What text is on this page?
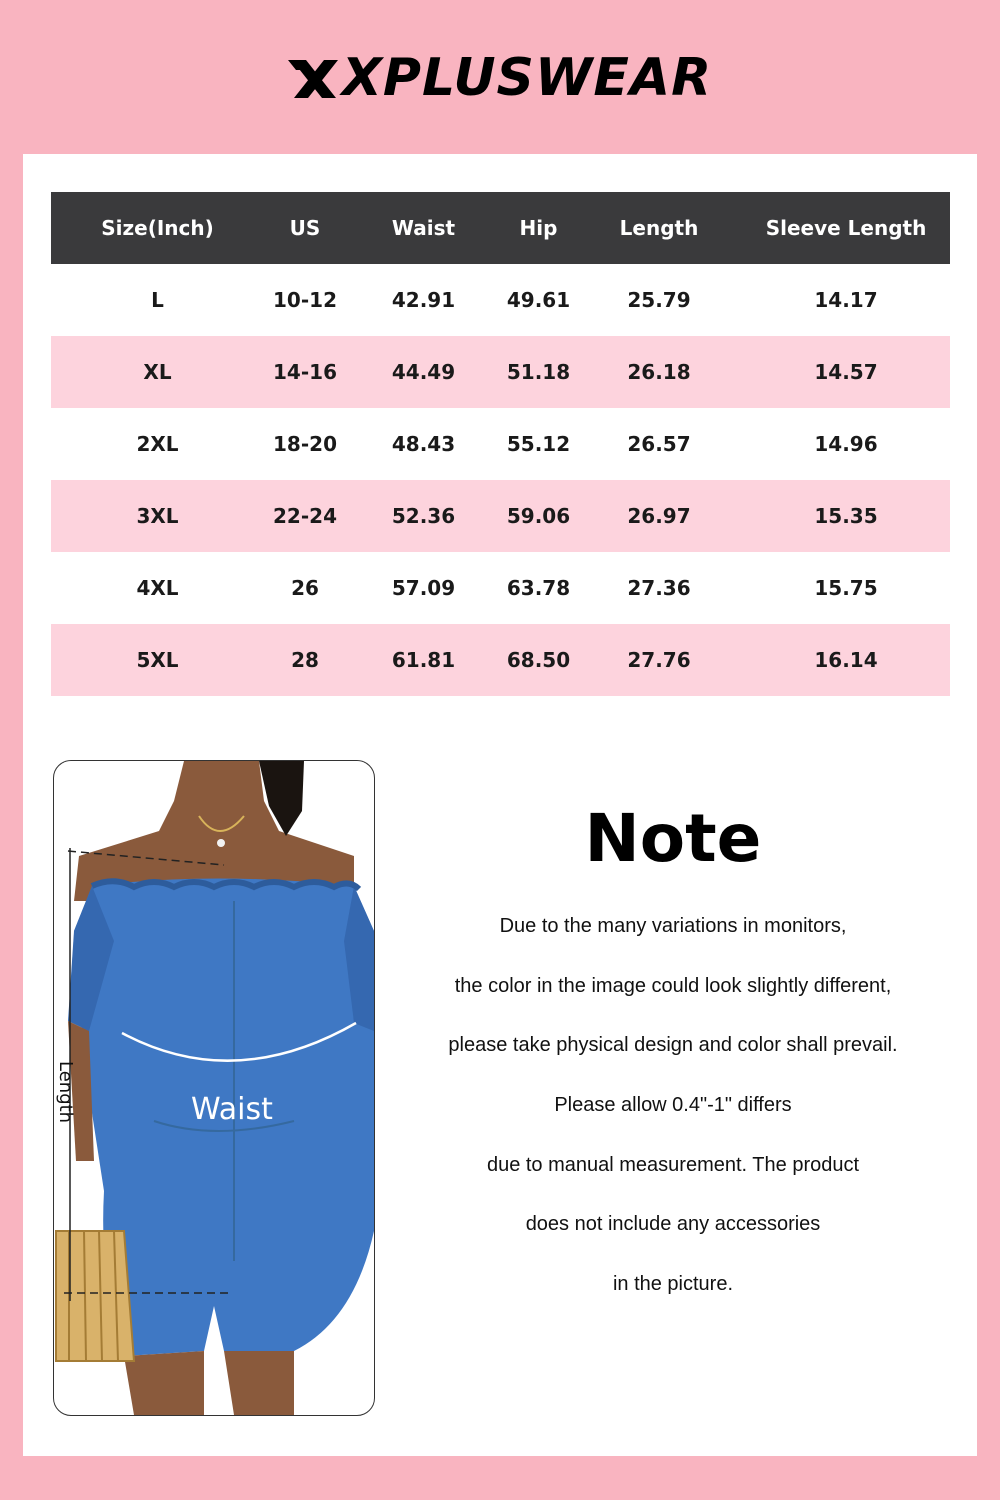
XPLUSWEAR
Size(Inch)	US	Waist	Hip	Length	Sleeve Length
L	10-12	42.91	49.61	25.79	14.17
XL	14-16	44.49	51.18	26.18	14.57
2XL	18-20	48.43	55.12	26.57	14.96
3XL	22-24	52.36	59.06	26.97	15.35
4XL	26	57.09	63.78	27.36	15.75
5XL	28	61.81	68.50	27.76	16.14
Waist
Length
Note
Due to the many variations in monitors,
the color in the image could look slightly different,
please take physical design and color shall prevail.
Please allow 0.4"-1" differs
due to manual measurement. The product
does not include any accessories
in the picture.
